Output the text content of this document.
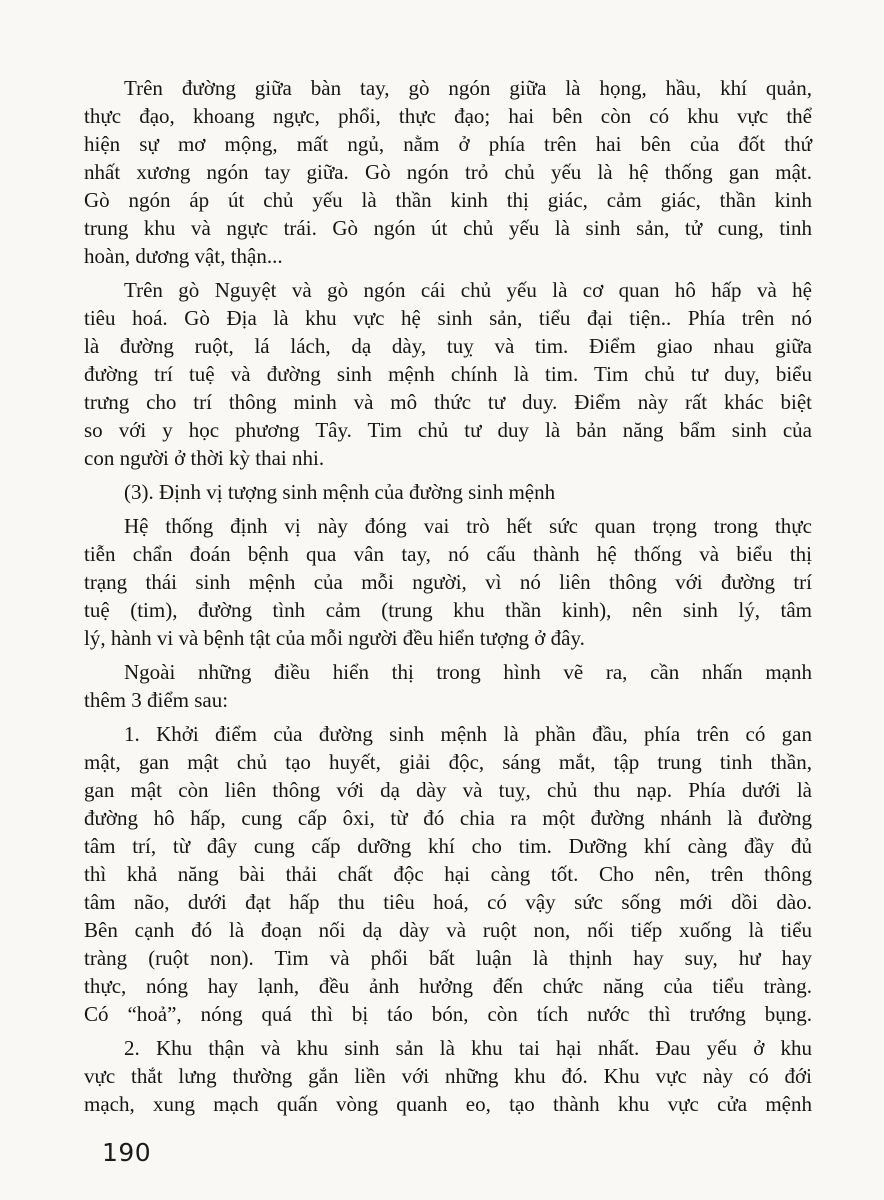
Trên đường giữa bàn tay, gò ngón giữa là họng, hầu, khí quản,
thực đạo, khoang ngực, phổi, thực đạo; hai bên còn có khu vực thể
hiện sự mơ mộng, mất ngủ, nằm ở phía trên hai bên của đốt thứ
nhất xương ngón tay giữa. Gò ngón trỏ chủ yếu là hệ thống gan mật.
Gò ngón áp út chủ yếu là thần kinh thị giác, cảm giác, thần kinh
trung khu và ngực trái. Gò ngón út chủ yếu là sinh sản, tử cung, tinh
hoàn, dương vật, thận...

Trên gò Nguyệt và gò ngón cái chủ yếu là cơ quan hô hấp và hệ
tiêu hoá. Gò Địa là khu vực hệ sinh sản, tiểu đại tiện.. Phía trên nó
là đường ruột, lá lách, dạ dày, tuỵ và tim. Điểm giao nhau giữa
đường trí tuệ và đường sinh mệnh chính là tim. Tim chủ tư duy, biểu
trưng cho trí thông minh và mô thức tư duy. Điểm này rất khác biệt
so với y học phương Tây. Tim chủ tư duy là bản năng bẩm sinh của
con người ở thời kỳ thai nhi.

(3). Định vị tượng sinh mệnh của đường sinh mệnh

Hệ thống định vị này đóng vai trò hết sức quan trọng trong thực
tiễn chẩn đoán bệnh qua vân tay, nó cấu thành hệ thống và biểu thị
trạng thái sinh mệnh của mỗi người, vì nó liên thông với đường trí
tuệ (tim), đường tình cảm (trung khu thần kinh), nên sinh lý, tâm
lý, hành vi và bệnh tật của mỗi người đều hiển tượng ở đây.

Ngoài những điều hiển thị trong hình vẽ ra, cần nhấn mạnh
thêm 3 điểm sau:

1. Khởi điểm của đường sinh mệnh là phần đầu, phía trên có gan
mật, gan mật chủ tạo huyết, giải độc, sáng mắt, tập trung tinh thần,
gan mật còn liên thông với dạ dày và tuỵ, chủ thu nạp. Phía dưới là
đường hô hấp, cung cấp ôxi, từ đó chia ra một đường nhánh là đường
tâm trí, từ đây cung cấp dưỡng khí cho tim. Dưỡng khí càng đầy đủ
thì khả năng bài thải chất độc hại càng tốt. Cho nên, trên thông
tâm não, dưới đạt hấp thu tiêu hoá, có vậy sức sống mới dồi dào.
Bên cạnh đó là đoạn nối dạ dày và ruột non, nối tiếp xuống là tiểu
tràng (ruột non). Tim và phổi bất luận là thịnh hay suy, hư hay
thực, nóng hay lạnh, đều ảnh hưởng đến chức năng của tiểu tràng.
Có “hoả”, nóng quá thì bị táo bón, còn tích nước thì trướng bụng.

2. Khu thận và khu sinh sản là khu tai hại nhất. Đau yếu ở khu
vực thắt lưng thường gắn liền với những khu đó. Khu vực này có đới
mạch, xung mạch quấn vòng quanh eo, tạo thành khu vực cửa mệnh

190
